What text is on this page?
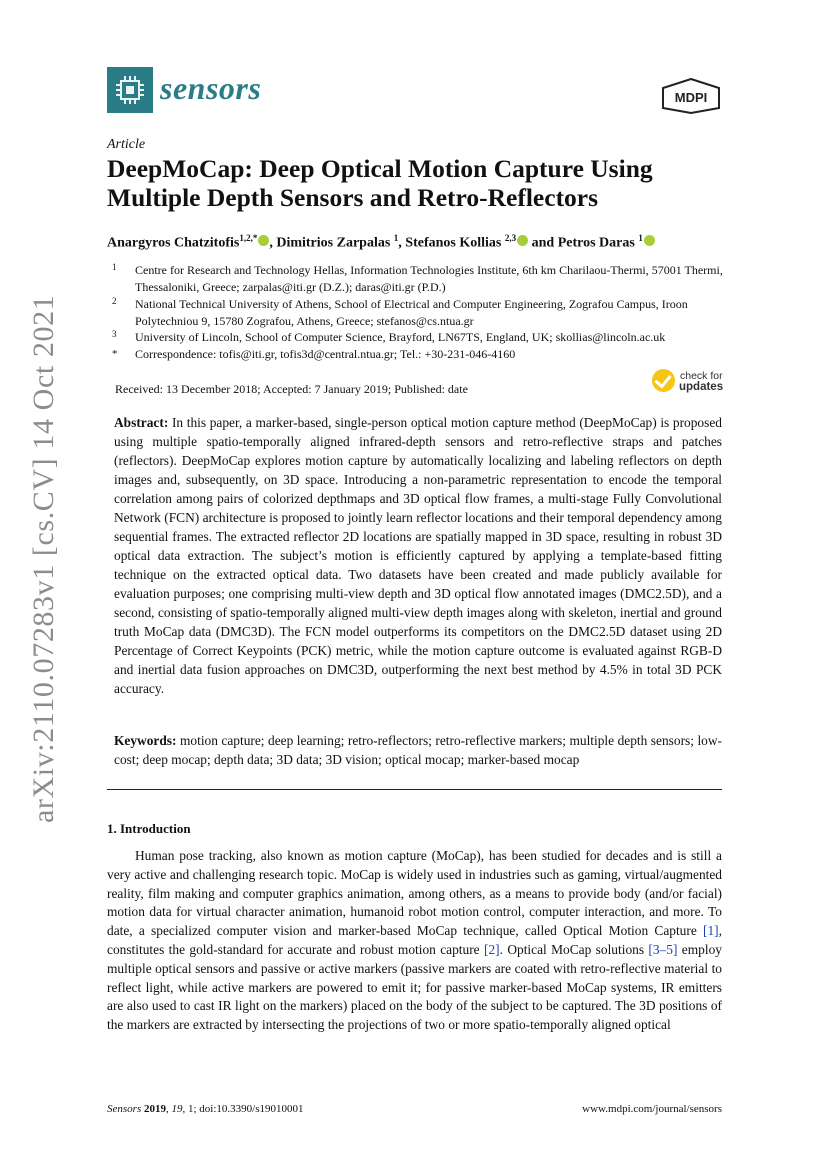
sensors	MDPI
Article
DeepMoCap: Deep Optical Motion Capture Using Multiple Depth Sensors and Retro-Reflectors
Anargyros Chatzitofis$^{1,2,*}$ , Dimitrios Zarpalas $^1$, Stefanos Kollias $^{2,3}$ and Petros Daras $^1$
1 Centre for Research and Technology Hellas, Information Technologies Institute, 6th km Charilaou-Thermi, 57001 Thermi, Thessaloniki, Greece; zarpalas@iti.gr (D.Z.); daras@iti.gr (P.D.)
2 National Technical University of Athens, School of Electrical and Computer Engineering, Zografou Campus, Iroon Polytechniou 9, 15780 Zografou, Athens, Greece; stefanos@cs.ntua.gr
3 University of Lincoln, School of Computer Science, Brayford, LN67TS, England, UK; skollias@lincoln.ac.uk
* Correspondence: tofis@iti.gr, tofis3d@central.ntua.gr; Tel.: +30-231-046-4160
Received: 13 December 2018; Accepted: 7 January 2019; Published: date
check for
updates
Abstract: In this paper, a marker-based, single-person optical motion capture method (DeepMoCap) is proposed using multiple spatio-temporally aligned infrared-depth sensors and retro-reflective straps and patches (reflectors). DeepMoCap explores motion capture by automatically localizing and labeling reflectors on depth images and, subsequently, on 3D space. Introducing a non-parametric representation to encode the temporal correlation among pairs of colorized depthmaps and 3D optical flow frames, a multi-stage Fully Convolutional Network (FCN) architecture is proposed to jointly learn reflector locations and their temporal dependency among sequential frames. The extracted reflector 2D locations are spatially mapped in 3D space, resulting in robust 3D optical data extraction. The subject’s motion is efficiently captured by applying a template-based fitting technique on the extracted optical data. Two datasets have been created and made publicly available for evaluation purposes; one comprising multi-view depth and 3D optical flow annotated images (DMC2.5D), and a second, consisting of spatio-temporally aligned multi-view depth images along with skeleton, inertial and ground truth MoCap data (DMC3D). The FCN model outperforms its competitors on the DMC2.5D dataset using 2D Percentage of Correct Keypoints (PCK) metric, while the motion capture outcome is evaluated against RGB-D and inertial data fusion approaches on DMC3D, outperforming the next best method by 4.5% in total 3D PCK accuracy.
Keywords: motion capture; deep learning; retro-reflectors; retro-reflective markers; multiple depth sensors; low-cost; deep mocap; depth data; 3D data; 3D vision; optical mocap; marker-based mocap
1. Introduction

Human pose tracking, also known as motion capture (MoCap), has been studied for decades and is still a very active and challenging research topic. MoCap is widely used in industries such as gaming, virtual/augmented reality, film making and computer graphics animation, among others, as a means to provide body (and/or facial) motion data for virtual character animation, humanoid robot motion control, computer interaction, and more. To date, a specialized computer vision and marker-based MoCap technique, called Optical Motion Capture [1], constitutes the gold-standard for accurate and robust motion capture [2]. Optical MoCap solutions [3–5] employ multiple optical sensors and passive or active markers (passive markers are coated with retro-reflective material to reflect light, while active markers are powered to emit it; for passive marker-based MoCap systems, IR emitters are also used to cast IR light on the markers) placed on the body of the subject to be captured. The 3D positions of the markers are extracted by intersecting the projections of two or more spatio-temporally aligned optical

Sensors 2019, 19, 1; doi:10.3390/s19010001	www.mdpi.com/journal/sensors
arXiv:2110.07283v1 [cs.CV] 14 Oct 2021
